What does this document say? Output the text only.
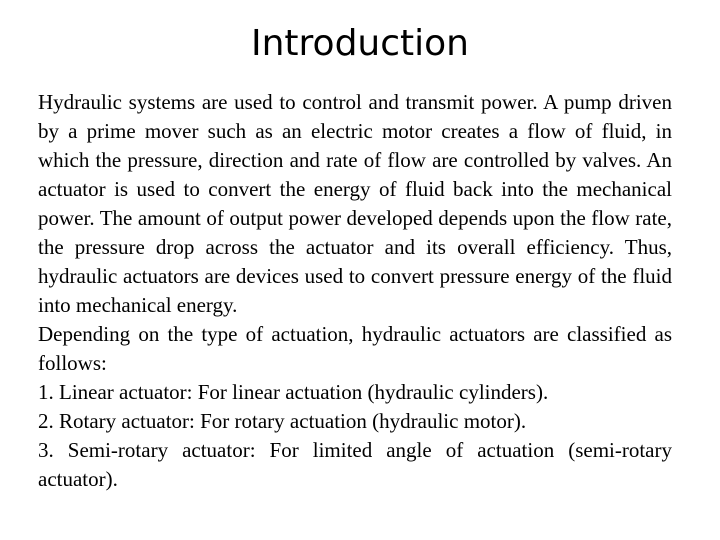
Introduction

Hydraulic systems are used to control and transmit power. A pump driven by a prime mover such as an electric motor creates a flow of fluid, in which the pressure, direction and rate of flow are controlled by valves. An actuator is used to convert the energy of fluid back into the mechanical power. The amount of output power developed depends upon the flow rate, the pressure drop across the actuator and its overall efficiency. Thus, hydraulic actuators are devices used to convert pressure energy of the fluid into mechanical energy.

Depending on the type of actuation, hydraulic actuators are classified as follows:

1. Linear actuator: For linear actuation (hydraulic cylinders).
2. Rotary actuator: For rotary actuation (hydraulic motor).
3. Semi-rotary actuator: For limited angle of actuation (semi-rotary actuator).
